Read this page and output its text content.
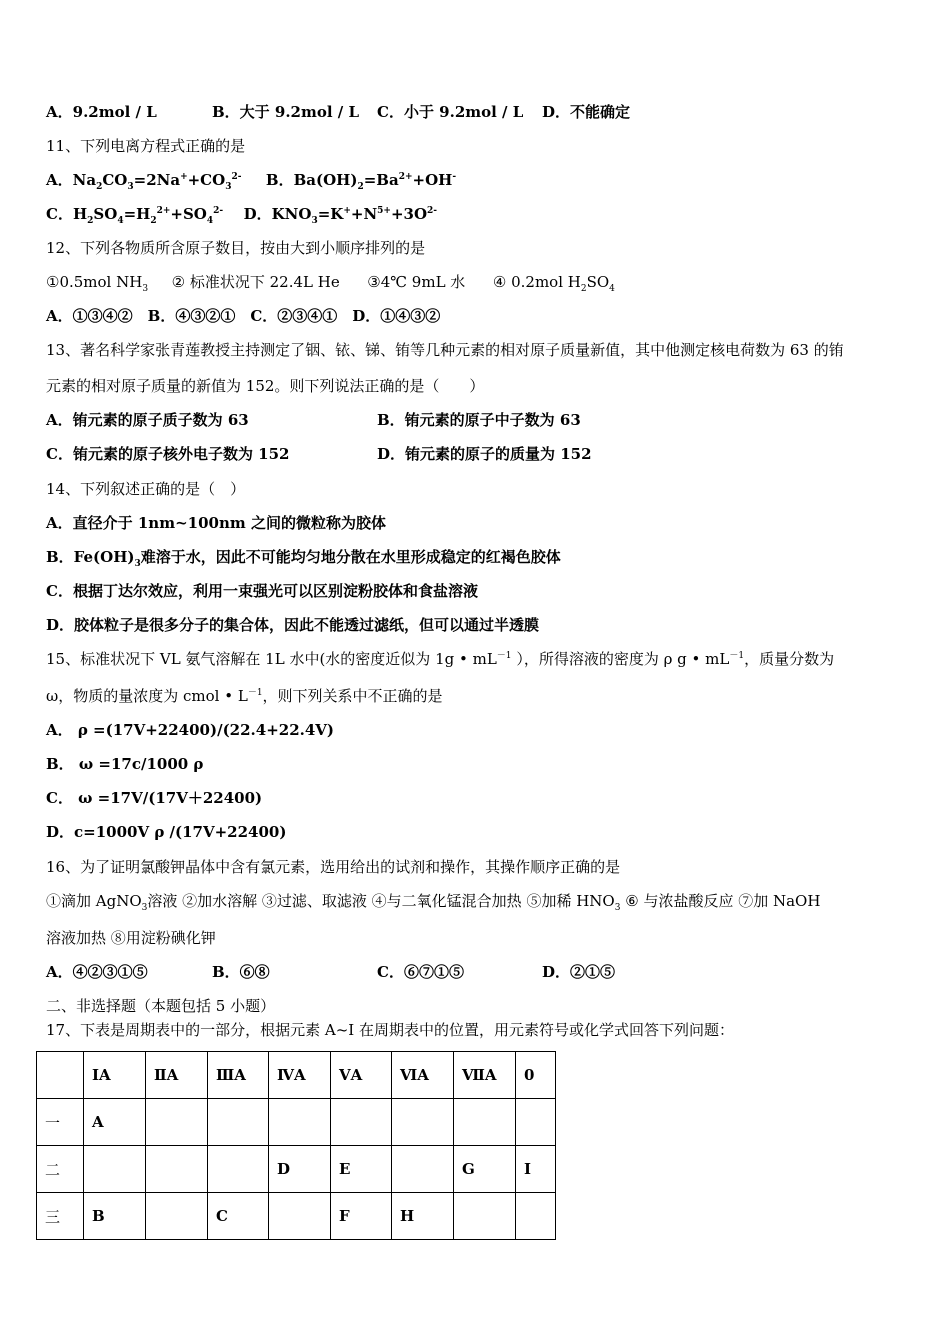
A．9.2mol / L	B．大于 9.2mol / L C．小于 9.2mol / L D．不能确定
11、下列电离方程式正确的是
A．$Na_2CO_3=2Na^++CO_3^{2-}$ B．$Ba(OH)_2=Ba^{2+}+OH^-$
C．$H_2SO_4=H_2^{2+}+SO_4^{2-}$ D．$KNO_3=K^++N^{5+}+3O^{2-}$
12、下列各物质所含原子数目，按由大到小顺序排列的是
①0.5mol $NH_3$ ② 标准状况下 22.4L He ③4℃ 9mL 水 ④ 0.2mol $H_2SO_4$
A．①③④②　B．④③②①　C．②③④①　D．①④③②
13、著名科学家张青莲教授主持测定了铟、铱、锑、铕等几种元素的相对原子质量新值，其中他测定核电荷数为 63 的铕
元素的相对原子质量的新值为 152。则下列说法正确的是（　　）
A．铕元素的原子质子数为 63	B．铕元素的原子中子数为 63
C．铕元素的原子核外电子数为 152	D．铕元素的原子的质量为 152
14、下列叙述正确的是（　）
A．直径介于 1nm~100nm 之间的微粒称为胶体
B．$Fe(OH)_3$难溶于水，因此不可能均匀地分散在水里形成稳定的红褐色胶体
C．根据丁达尔效应，利用一束强光可以区别淀粉胶体和食盐溶液
D．胶体粒子是很多分子的集合体，因此不能透过滤纸，但可以通过半透膜
15、标准状况下 VL 氨气溶解在 1L 水中(水的密度近似为 1g • $mL^{-1}$ ），所得溶液的密度为 ρ g • $mL^{-1}$，质量分数为
ω，物质的量浓度为 cmol • $L^{-1}$，则下列关系中不正确的是
A． ρ =(17V+22400)/(22.4+22.4V)
B． ω =17c/1000 ρ
C． ω =17V/(17V＋22400)
D．c=1000V ρ /(17V+22400)
16、为了证明氯酸钾晶体中含有氯元素，选用给出的试剂和操作，其操作顺序正确的是
①滴加 AgNO$_3$溶液 ②加水溶解 ③过滤、取滤液 ④与二氧化锰混合加热 ⑤加稀 $HNO_3$ ⑥ 与浓盐酸反应 ⑦加 NaOH
溶液加热 ⑧用淀粉碘化钾
A．④②③①⑤	B．⑥⑧	C．⑥⑦①⑤	D．②①⑤
二、非选择题（本题包括 5 小题）
17、下表是周期表中的一部分，根据元素 A~I 在周期表中的位置，用元素符号或化学式回答下列问题：
	ⅠA	ⅡA	ⅢA	ⅣA	ⅤA	ⅥA	ⅦA	0
一	A							
二				D	E		G	I
三	B		C		F	H		
